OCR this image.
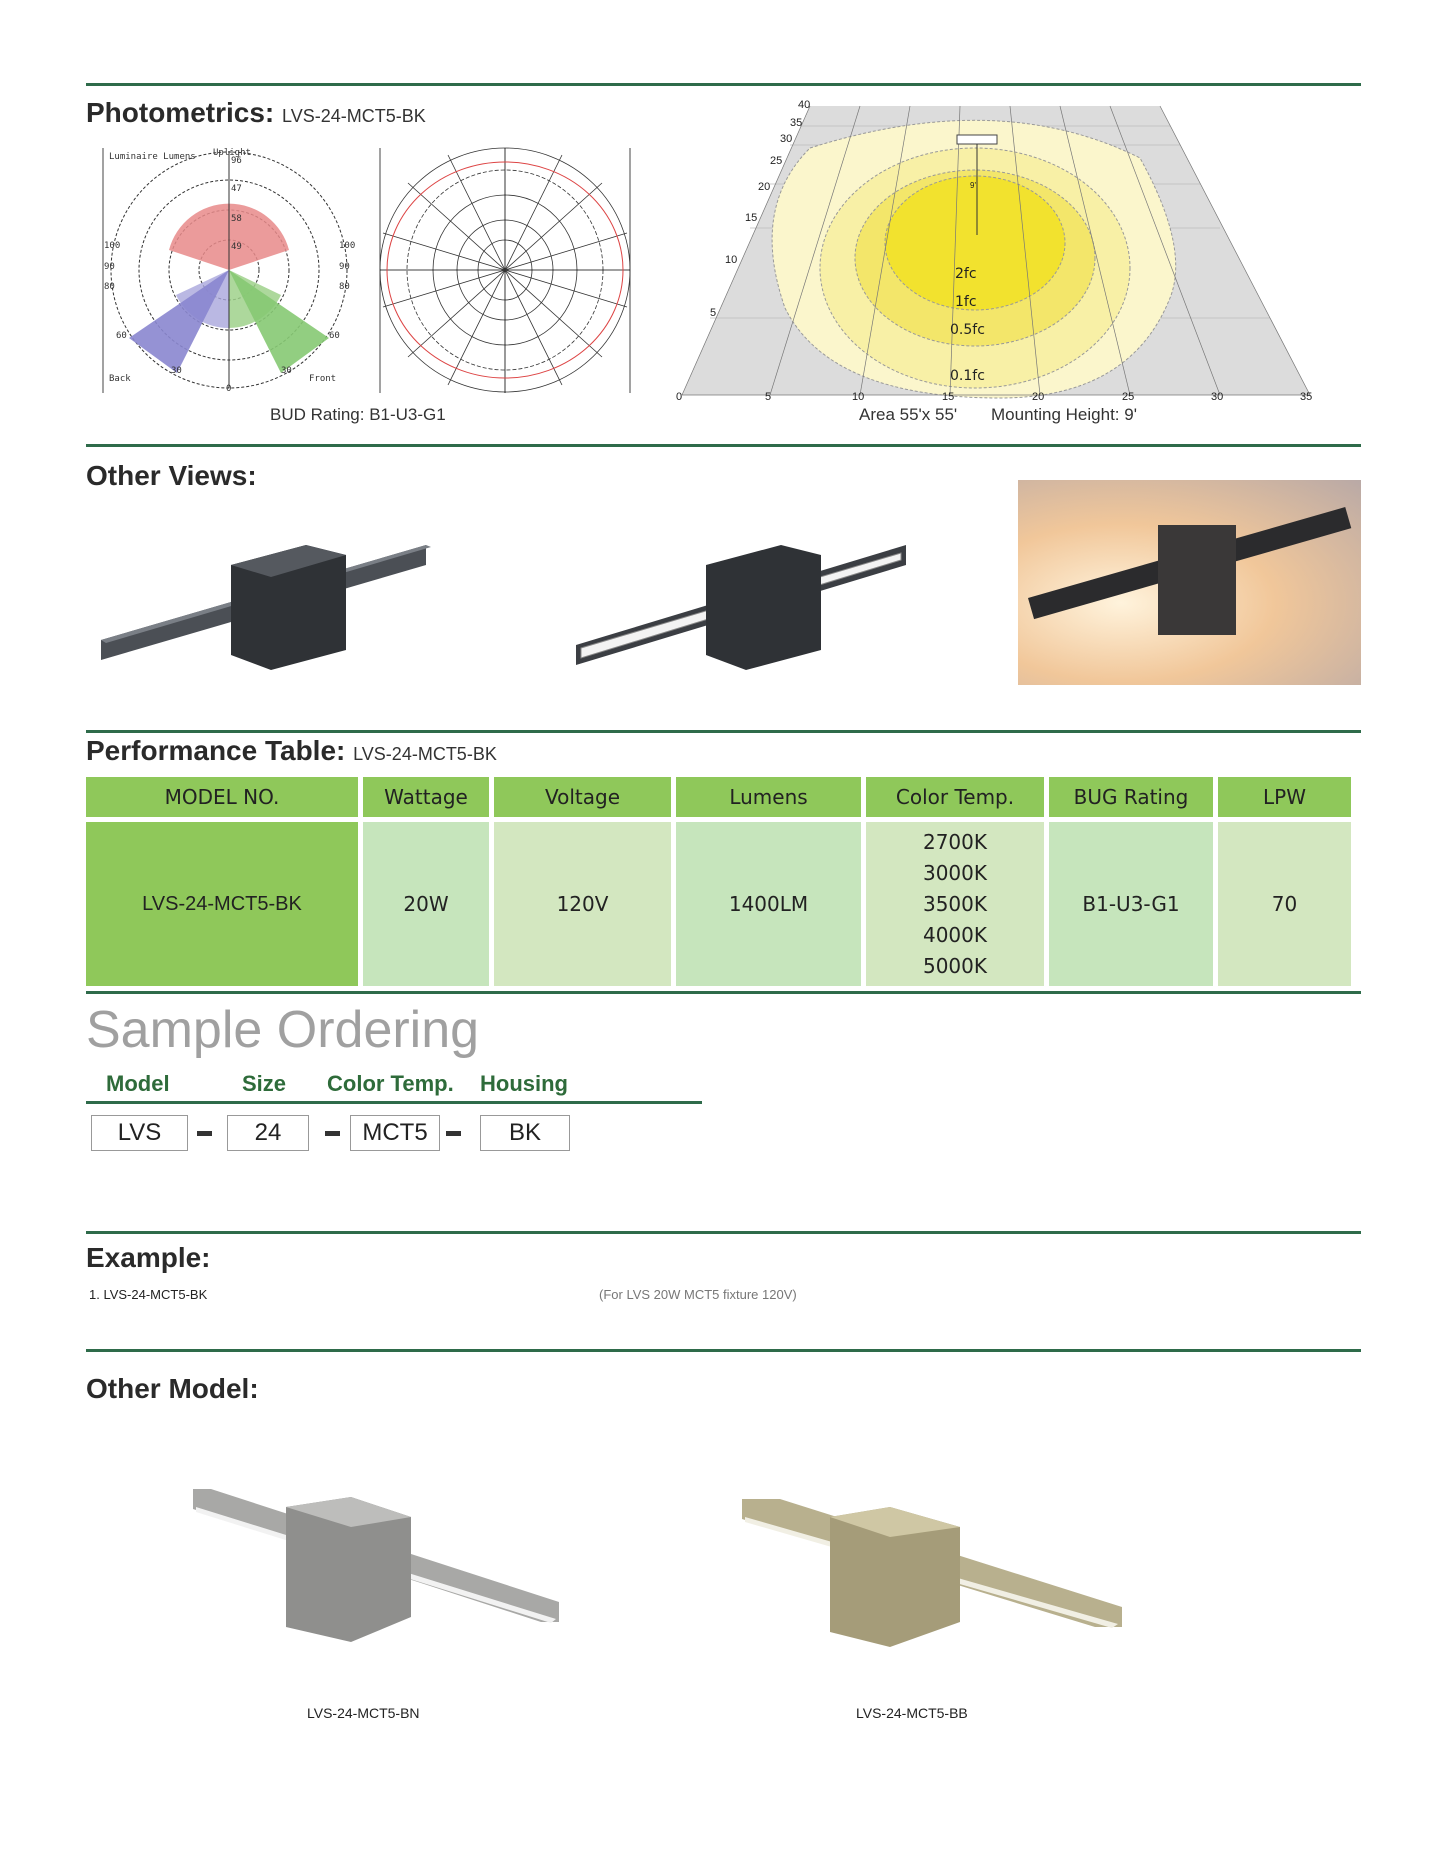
Photometrics: LVS-24-MCT5-BK
Luminaire Lumens Uplight
Back	Front
96
47
58
49
100	100
90	90
80	80
60	60
30	30
0
BUD Rating: B1-U3-G1
40
35
30
25
20
15
10
5
0	5	10	15	20	25	30	35
9'
2fc
1fc
0.5fc
0.1fc
Area 55'x 55' Mounting Height: 9'
Other Views:
Performance Table: LVS-24-MCT5-BK
MODEL NO.	Wattage	Voltage	Lumens	Color Temp.	BUG Rating	LPW
LVS-24-MCT5-BK	20W	120V	1400LM	2700K
3000K
3500K
4000K
5000K	B1-U3-G1	70
Sample Ordering
Model	Size Color Temp. Housing
LVS	24	MCT5	BK
Example:
1. LVS-24-MCT5-BK	(For LVS 20W MCT5 fixture 120V)
Other Model:
LVS-24-MCT5-BN	LVS-24-MCT5-BB
